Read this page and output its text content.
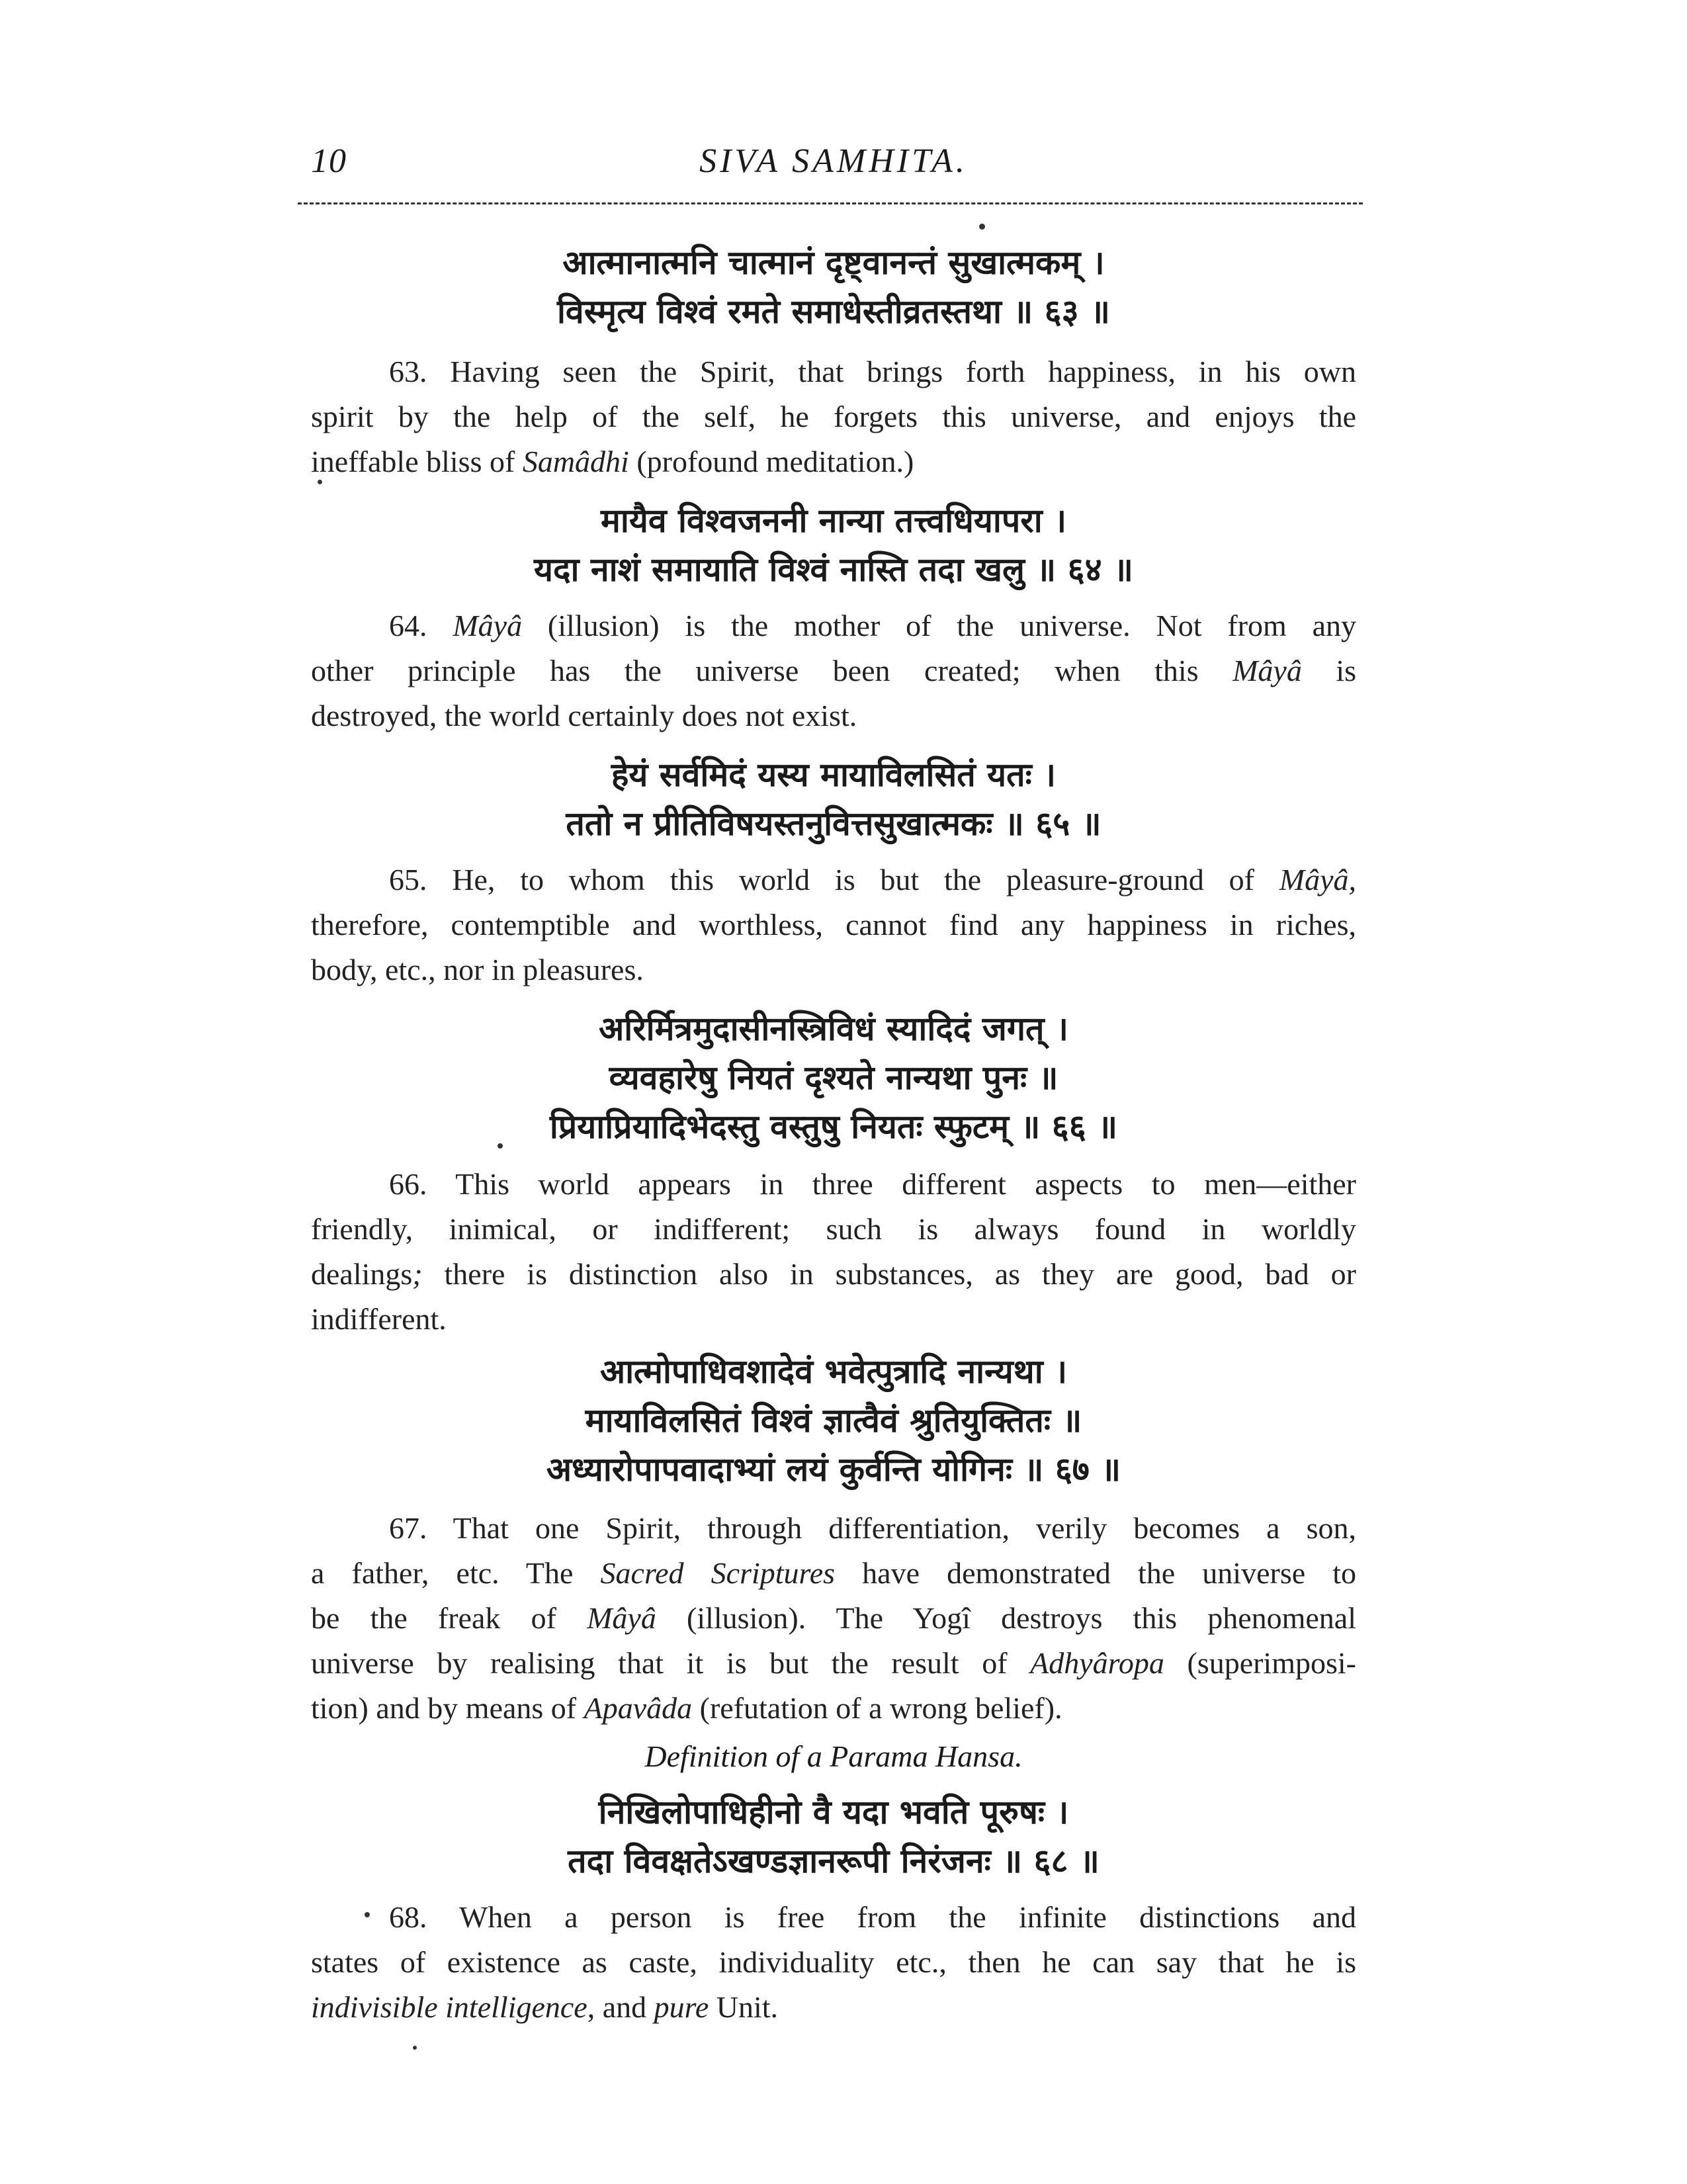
10	SIVA SAMHITA.
आत्मानात्मनि चात्मानं दृष्ट्वानन्तं सुखात्मकम् ।
विस्मृत्य विश्वं रमते समाधेस्तीव्रतस्तथा ॥ ६३ ॥
63. Having seen the Spirit, that brings forth happiness, in his own
spirit by the help of the self, he forgets this universe, and enjoys the
ineffable bliss of Samâdhi (profound meditation.)
मायैव विश्वजननी नान्या तत्त्वधियापरा ।
यदा नाशं समायाति विश्वं नास्ति तदा खलु ॥ ६४ ॥
64. Mâyâ (illusion) is the mother of the universe. Not from any
other principle has the universe been created; when this Mâyâ is
destroyed, the world certainly does not exist.
हेयं सर्वमिदं यस्य मायाविलसितं यतः ।
ततो न प्रीतिविषयस्तनुवित्तसुखात्मकः ॥ ६५ ॥
65. He, to whom this world is but the pleasure-ground of Mâyâ,
therefore, contemptible and worthless, cannot find any happiness in riches,
body, etc., nor in pleasures.
अरिर्मित्रमुदासीनस्त्रिविधं स्यादिदं जगत् ।
व्यवहारेषु नियतं दृश्यते नान्यथा पुनः ॥
प्रियाप्रियादिभेदस्तु वस्तुषु नियतः स्फुटम् ॥ ६६ ॥
66. This world appears in three different aspects to men—either
friendly, inimical, or indifferent; such is always found in worldly
dealings; there is distinction also in substances, as they are good, bad or
indifferent.
आत्मोपाधिवशादेवं भवेत्पुत्रादि नान्यथा ।
मायाविलसितं विश्वं ज्ञात्वैवं श्रुतियुक्तितः ॥
अध्यारोपापवादाभ्यां लयं कुर्वन्ति योगिनः ॥ ६७ ॥
67. That one Spirit, through differentiation, verily becomes a son,
a father, etc. The Sacred Scriptures have demonstrated the universe to
be the freak of Mâyâ (illusion). The Yogî destroys this phenomenal
universe by realising that it is but the result of Adhyâropa (superimposi-
tion) and by means of Apavâda (refutation of a wrong belief).
Definition of a Parama Hansa.
निखिलोपाधिहीनो वै यदा भवति पूरुषः ।
तदा विवक्षतेऽखण्डज्ञानरूपी निरंजनः ॥ ६८ ॥
68. When a person is free from the infinite distinctions and
states of existence as caste, individuality etc., then he can say that he is
indivisible intelligence, and pure Unit.
